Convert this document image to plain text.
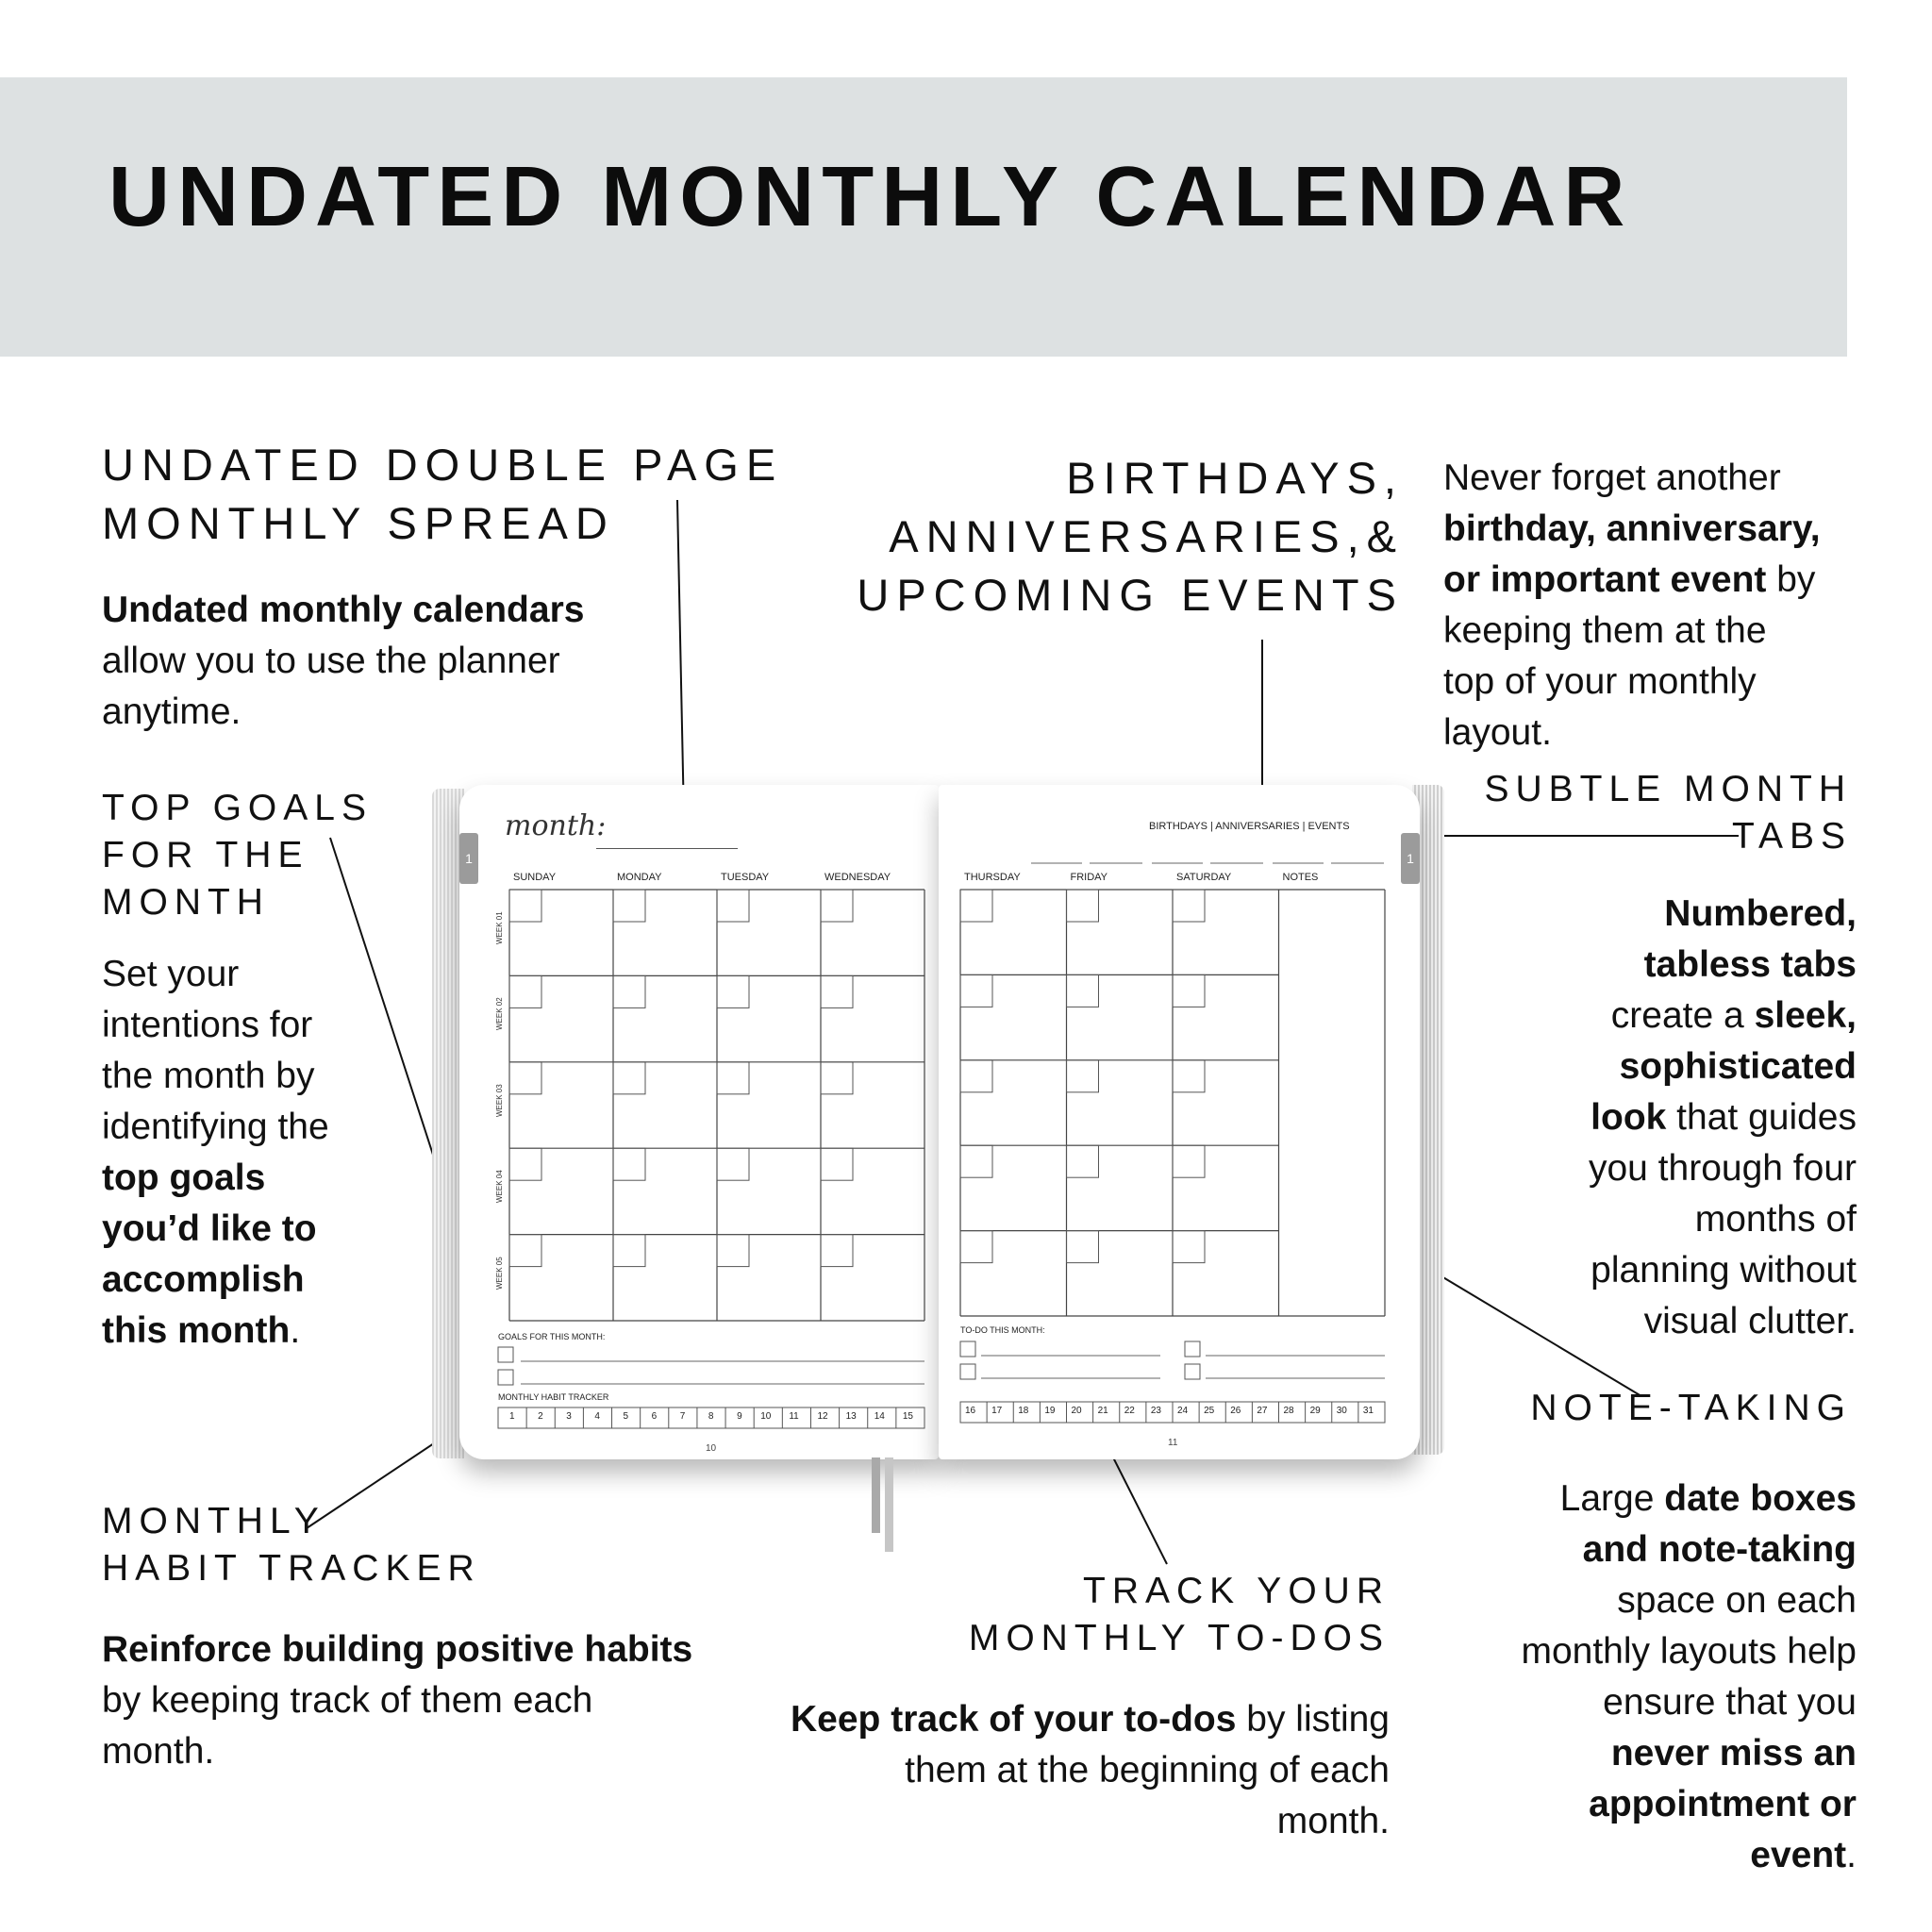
UNDATED MONTHLY CALENDAR
UNDATED DOUBLE PAGE
MONTHLY SPREAD
Undated monthly calendars
allow you to use the planner
anytime.
TOP GOALS
FOR THE
MONTH
Set your
intentions for
the month by
identifying the
top goals
you’d like to
accomplish
this month.
MONTHLY
HABIT TRACKER
Reinforce building positive habits
by keeping track of them each
month.
BIRTHDAYS,
ANNIVERSARIES,&
UPCOMING EVENTS
Never forget another
birthday, anniversary,
or important event by
keeping them at the
top of your monthly
layout.
SUBTLE MONTH
TABS
Numbered,
tabless tabs
create a sleek,
sophisticated
look that guides
you through four
months of
planning without
visual clutter.
NOTE-TAKING
Large date boxes
and note-taking
space on each
monthly layouts help
ensure that you
never miss an
appointment or
event.
TRACK YOUR
MONTHLY TO-DOS
Keep track of your to-dos by listing
them at the beginning of each
month.
1	1
month:	BIRTHDAYS | ANNIVERSARIES | EVENTS
SUNDAY	MONDAY	TUESDAY	WEDNESDAY
WEEK 01
WEEK 02
WEEK 03
WEEK 04
WEEK 05
THURSDAY	FRIDAY	SATURDAY	NOTES
GOALS FOR THIS MONTH:
MONTHLY HABIT TRACKER
1 2 3 4 5 6 7 8 9 10 11 12 13 14 15
10
TO-DO THIS MONTH:
16 17 18 19 20 21 22 23 24 25 26 27 28 29 30 31
11
